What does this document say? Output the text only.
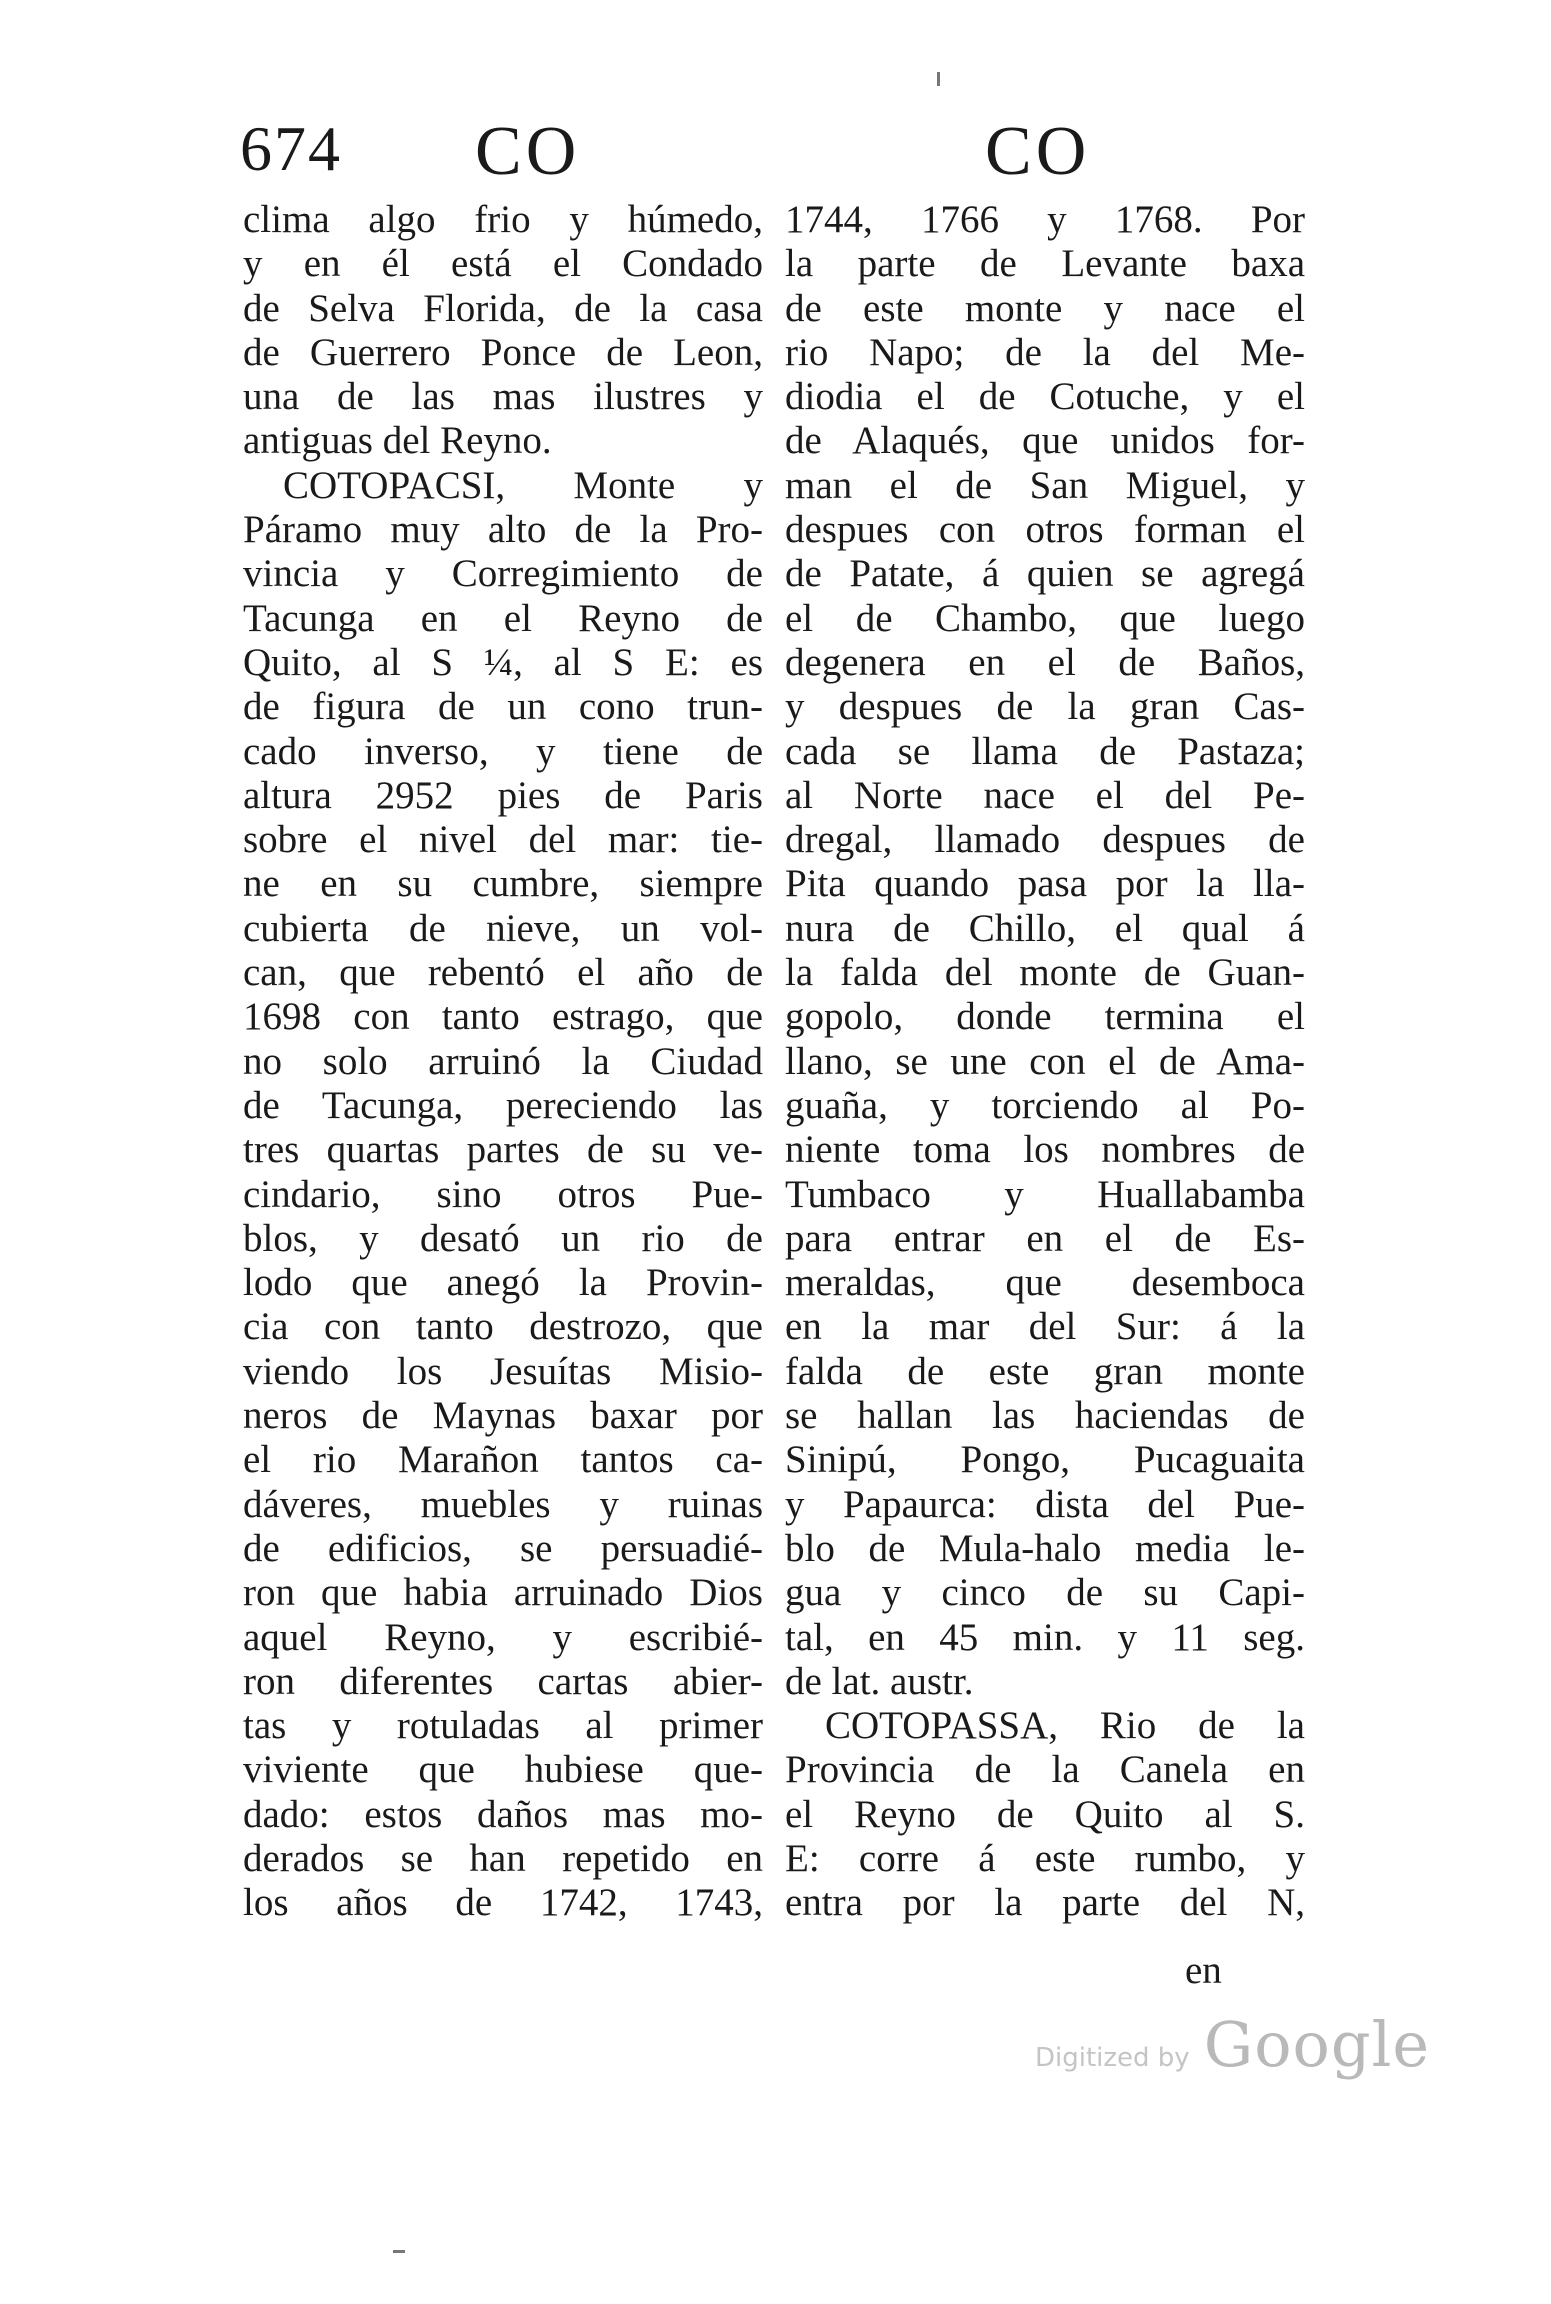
674 CO	CO
clima algo frio y húmedo,
y en él está el Condado
de Selva Florida, de la casa
de Guerrero Ponce de Leon,
una de las mas ilustres y
antiguas del Reyno.
COTOPACSI, Monte y
Páramo muy alto de la Pro-
vincia y Corregimiento de
Tacunga en el Reyno de
Quito, al S ¼, al S E: es
de figura de un cono trun-
cado inverso, y tiene de
altura 2952 pies de Paris
sobre el nivel del mar: tie-
ne en su cumbre, siempre
cubierta de nieve, un vol-
can, que rebentó el año de
1698 con tanto estrago, que
no solo arruinó la Ciudad
de Tacunga, pereciendo las
tres quartas partes de su ve-
cindario, sino otros Pue-
blos, y desató un rio de
lodo que anegó la Provin-
cia con tanto destrozo, que
viendo los Jesuítas Misio-
neros de Maynas baxar por
el rio Marañon tantos ca-
dáveres, muebles y ruinas
de edificios, se persuadié-
ron que habia arruinado Dios
aquel Reyno, y escribié-
ron diferentes cartas abier-
tas y rotuladas al primer
viviente que hubiese que-
dado: estos daños mas mo-
derados se han repetido en
los años de 1742, 1743,
1744, 1766 y 1768. Por
la parte de Levante baxa
de este monte y nace el
rio Napo; de la del Me-
diodia el de Cotuche, y el
de Alaqués, que unidos for-
man el de San Miguel, y
despues con otros forman el
de Patate, á quien se agregá
el de Chambo, que luego
degenera en el de Baños,
y despues de la gran Cas-
cada se llama de Pastaza;
al Norte nace el del Pe-
dregal, llamado despues de
Pita quando pasa por la lla-
nura de Chillo, el qual á
la falda del monte de Guan-
gopolo, donde termina el
llano, se une con el de Ama-
guaña, y torciendo al Po-
niente toma los nombres de
Tumbaco y Huallabamba
para entrar en el de Es-
meraldas, que desemboca
en la mar del Sur: á la
falda de este gran monte
se hallan las haciendas de
Sinipú, Pongo, Pucaguaita
y Papaurca: dista del Pue-
blo de Mula-halo media le-
gua y cinco de su Capi-
tal, en 45 min. y 11 seg.
de lat. austr.
COTOPASSA, Rio de la
Provincia de la Canela en
el Reyno de Quito al S.
E: corre á este rumbo, y
entra por la parte del N,
en
Digitized by Google
